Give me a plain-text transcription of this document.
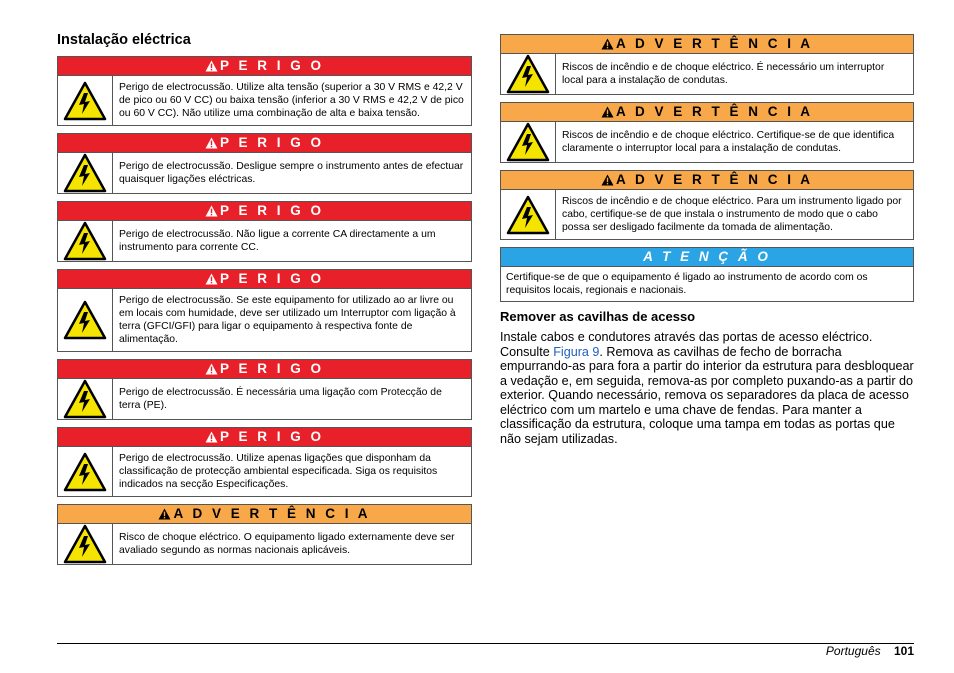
Instalação eléctrica
P E R I G O
Perigo de electrocussão. Utilize alta tensão (superior a 30 V RMS e 42,2 V de pico ou 60 V CC) ou baixa tensão (inferior a 30 V RMS e 42,2 V de pico ou 60 V CC). Não utilize uma combinação de alta e baixa tensão.
P E R I G O
Perigo de electrocussão. Desligue sempre o instrumento antes de efectuar quaisquer ligações eléctricas.
P E R I G O
Perigo de electrocussão. Não ligue a corrente CA directamente a um instrumento para corrente CC.
P E R I G O
Perigo de electrocussão. Se este equipamento for utilizado ao ar livre ou em locais com humidade, deve ser utilizado um Interruptor com ligação à terra (GFCI/GFI) para ligar o equipamento à respectiva fonte de alimentação.
P E R I G O
Perigo de electrocussão. É necessária uma ligação com Protecção de terra (PE).
P E R I G O
Perigo de electrocussão. Utilize apenas ligações que disponham da classificação de protecção ambiental especificada. Siga os requisitos indicados na secção Especificações.
A D V E R T Ê N C I A
Risco de choque eléctrico. O equipamento ligado externamente deve ser avaliado segundo as normas nacionais aplicáveis.
A D V E R T Ê N C I A
Riscos de incêndio e de choque eléctrico. É necessário um interruptor local para a instalação de condutas.
A D V E R T Ê N C I A
Riscos de incêndio e de choque eléctrico. Certifique-se de que identifica claramente o interruptor local para a instalação de condutas.
A D V E R T Ê N C I A
Riscos de incêndio e de choque eléctrico. Para um instrumento ligado por cabo, certifique-se de que instala o instrumento de modo que o cabo possa ser desligado facilmente da tomada de alimentação.
A T E N Ç Ã O
Certifique-se de que o equipamento é ligado ao instrumento de acordo com os requisitos locais, regionais e nacionais.
Remover as cavilhas de acesso

Instale cabos e condutores através das portas de acesso eléctrico. Consulte Figura 9. Remova as cavilhas de fecho de borracha empurrando-as para fora a partir do interior da estrutura para desbloquear a vedação e, em seguida, remova-as por completo puxando-as a partir do exterior. Quando necessário, remova os separadores da placa de acesso eléctrico com um martelo e uma chave de fendas. Para manter a classificação da estrutura, coloque uma tampa em todas as portas que não sejam utilizadas.

Português 101
